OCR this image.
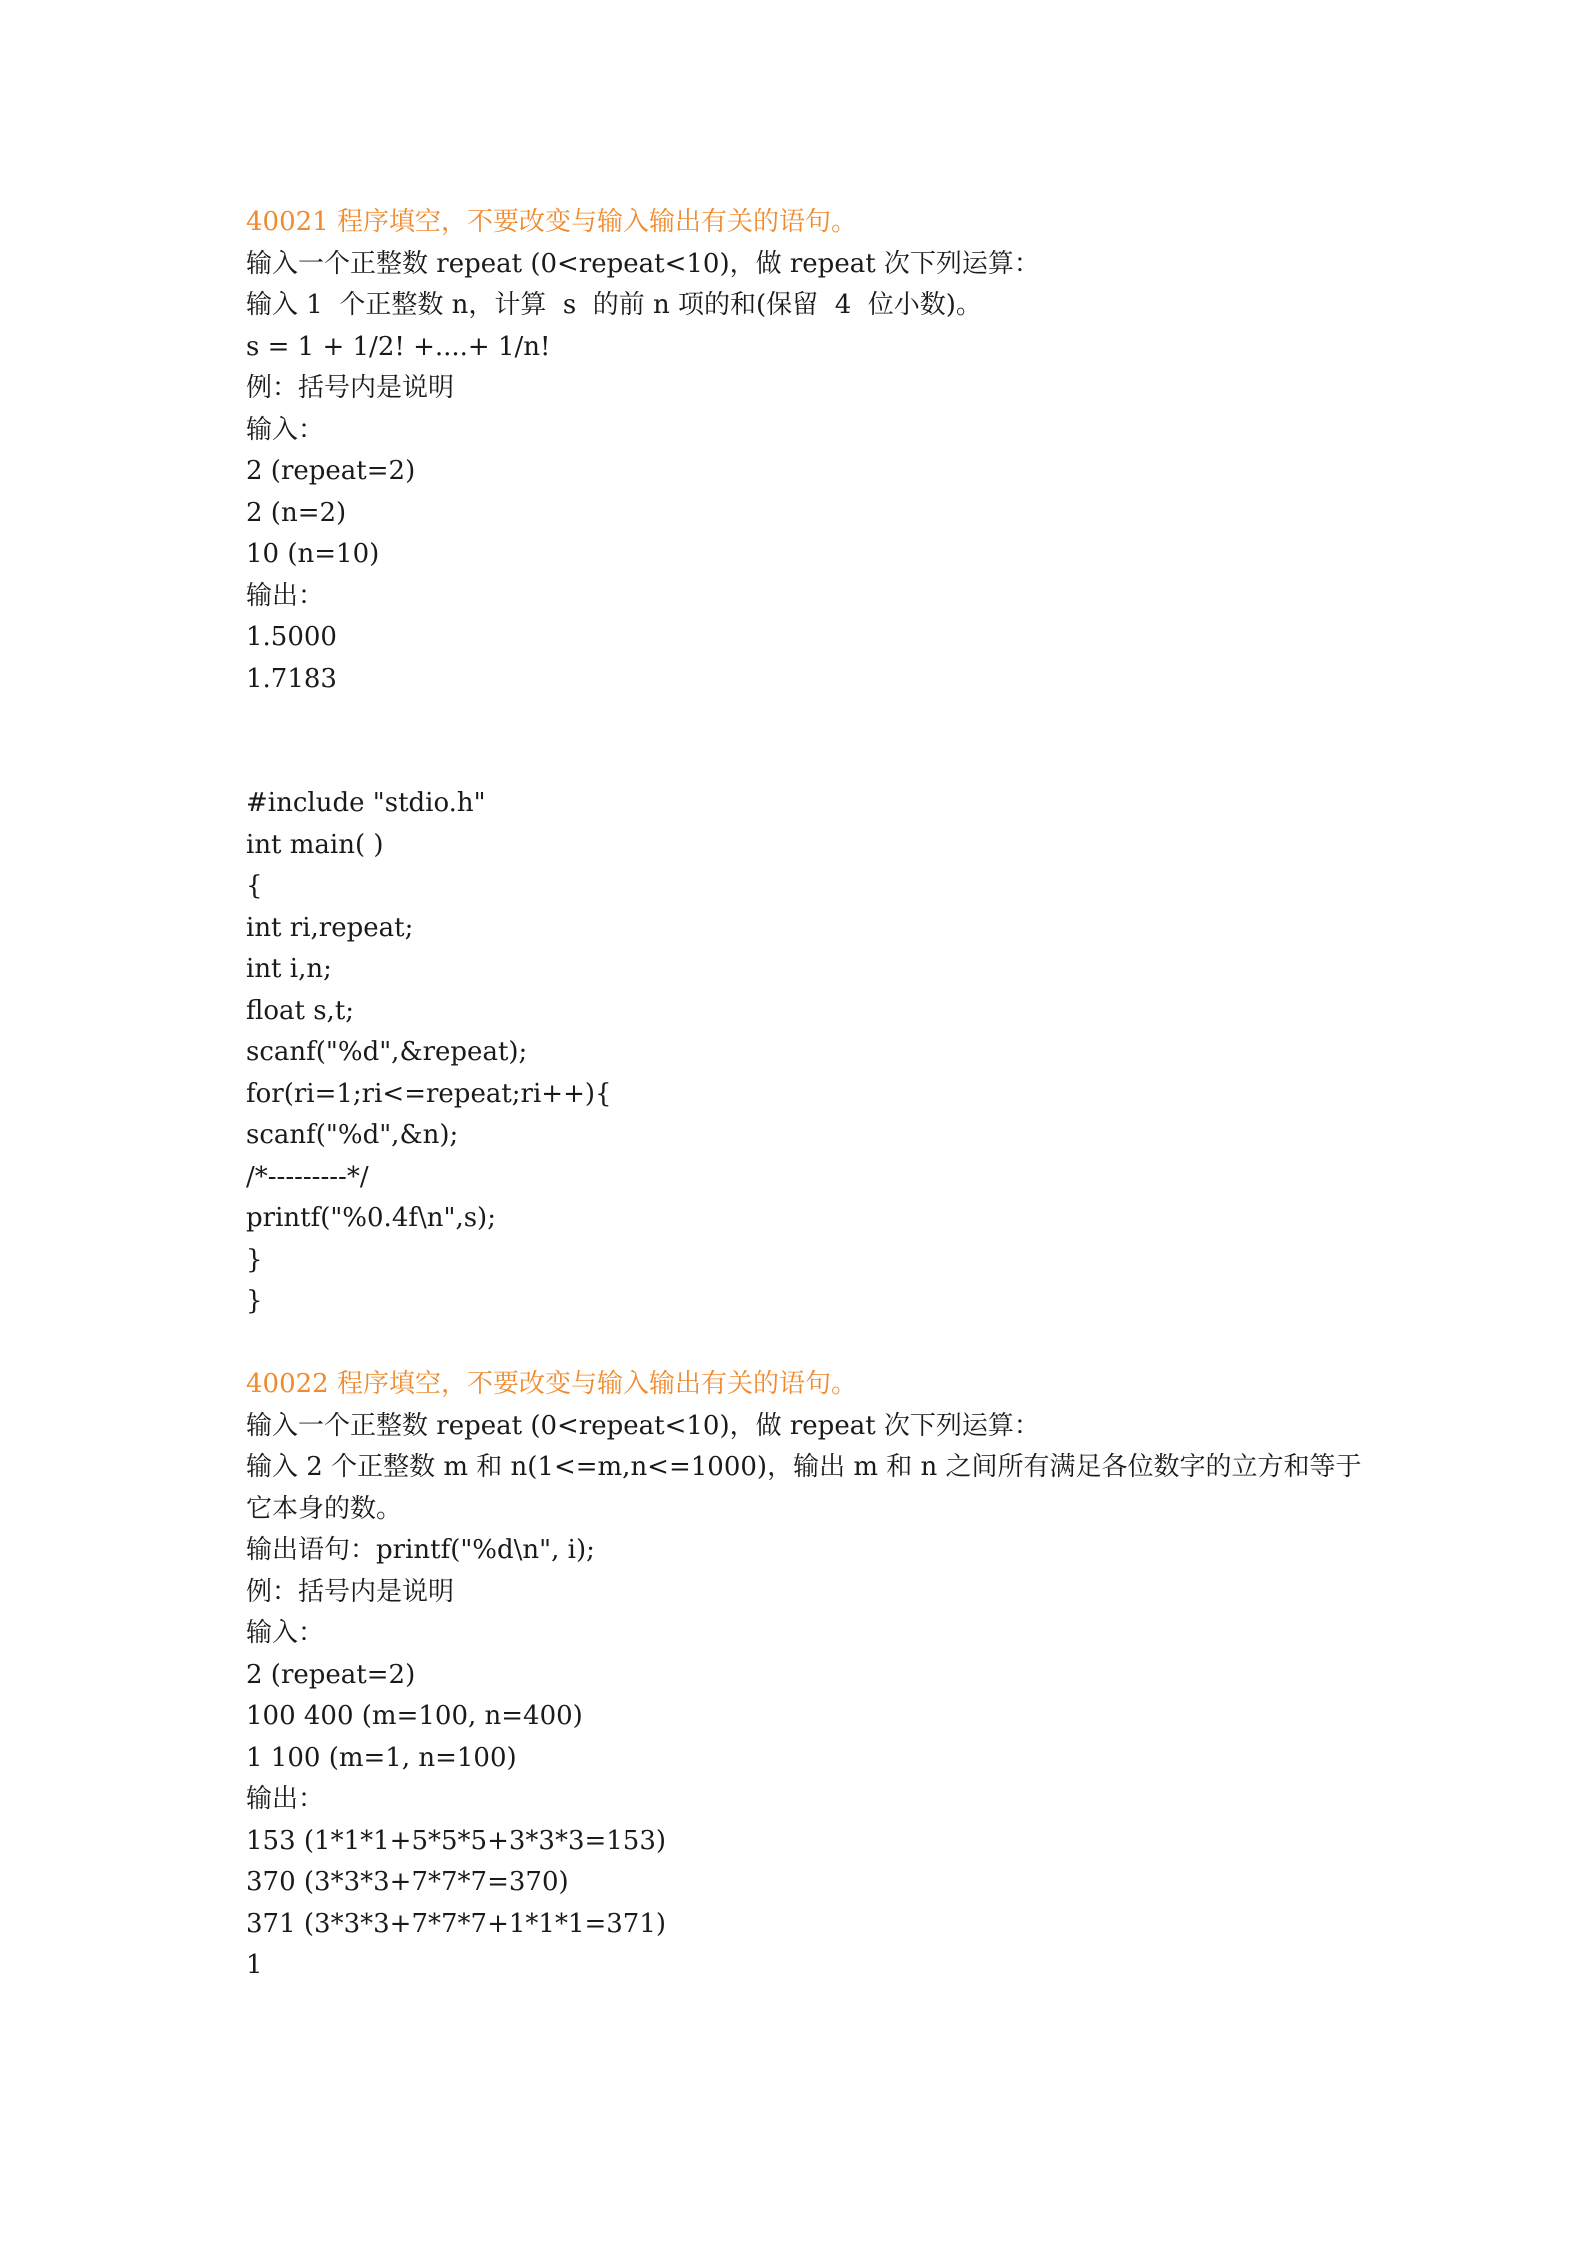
40021 程序填空，不要改变与输入输出有关的语句。
输入一个正整数 repeat (0<repeat<10)，做 repeat 次下列运算：
输入 1  个正整数 n，计算  s  的前 n 项的和(保留  4  位小数)。
s = 1 + 1/2! +....+ 1/n!
例：括号内是说明
输入：
2 (repeat=2)
2 (n=2)
10 (n=10)
输出：
1.5000
1.7183
#include "stdio.h"
int main( )
{
int ri,repeat;
int i,n;
float s,t;
scanf("%d",&repeat);
for(ri=1;ri<=repeat;ri++){
scanf("%d",&n);
/*---------*/
printf("%0.4f\n",s);
}
}
40022 程序填空，不要改变与输入输出有关的语句。
输入一个正整数 repeat (0<repeat<10)，做 repeat 次下列运算：
输入 2 个正整数 m 和 n(1<=m,n<=1000)，输出 m 和 n 之间所有满足各位数字的立方和等于它本身的数。
输出语句：printf("%d\n", i);
例：括号内是说明
输入：
2 (repeat=2)
100 400 (m=100, n=400)
1 100 (m=1, n=100)
输出：
153 (1*1*1+5*5*5+3*3*3=153)
370 (3*3*3+7*7*7=370)
371 (3*3*3+7*7*7+1*1*1=371)
1
